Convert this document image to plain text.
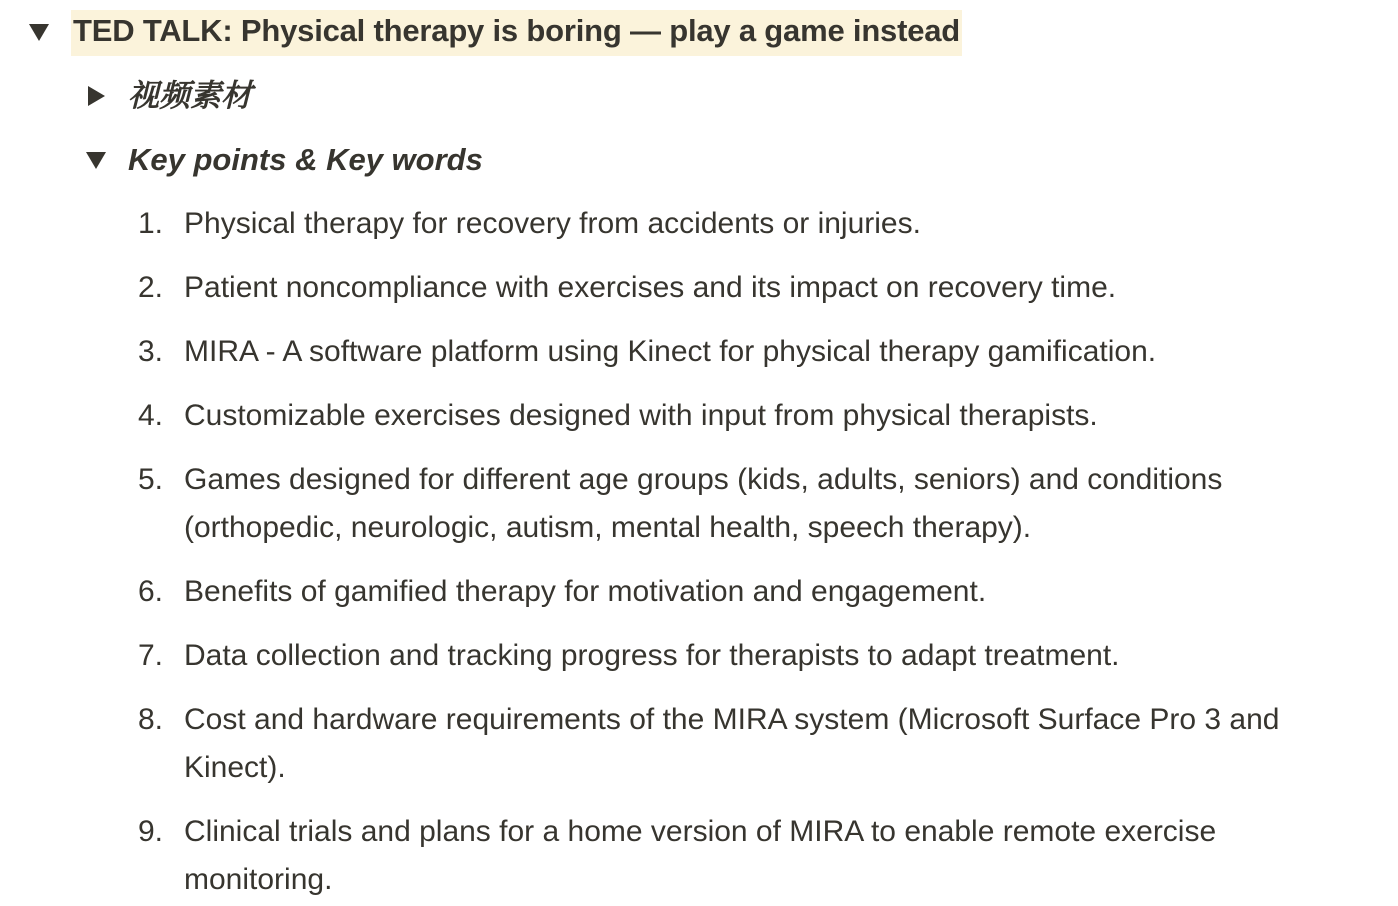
TED TALK: Physical therapy is boring — play a game instead
视频素材
Key points & Key words
1. Physical therapy for recovery from accidents or injuries.
2. Patient noncompliance with exercises and its impact on recovery time.
3. MIRA - A software platform using Kinect for physical therapy gamification.
4. Customizable exercises designed with input from physical therapists.
5. Games designed for different age groups (kids, adults, seniors) and conditions (orthopedic, neurologic, autism, mental health, speech therapy).
6. Benefits of gamified therapy for motivation and engagement.
7. Data collection and tracking progress for therapists to adapt treatment.
8. Cost and hardware requirements of the MIRA system (Microsoft Surface Pro 3 and Kinect).
9. Clinical trials and plans for a home version of MIRA to enable remote exercise monitoring.
